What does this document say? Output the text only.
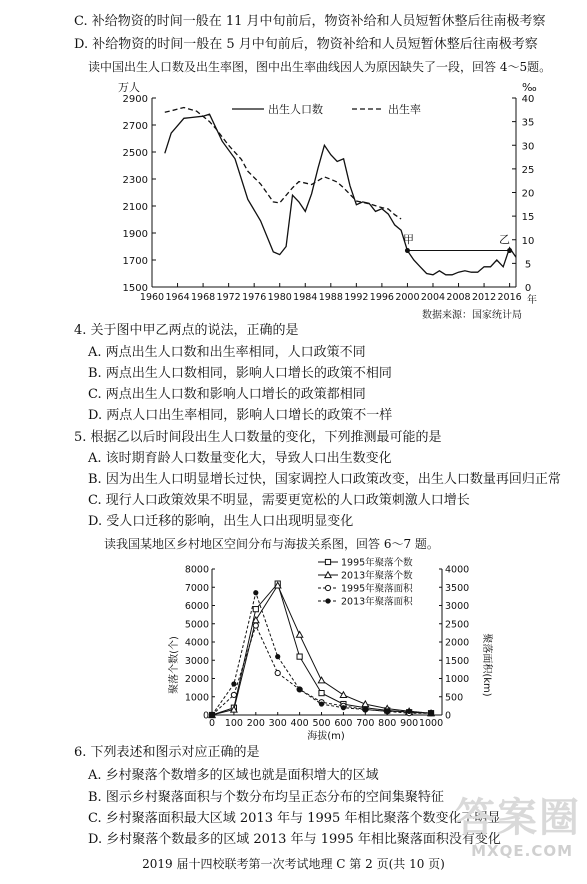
C. 补给物资的时间一般在 11 月中旬前后，物资补给和人员短暂休整后往南极考察
D. 补给物资的时间一般在 5 月中旬前后，物资补给和人员短暂休整后往南极考察
读中国出生人口数及出生率图，图中出生率曲线因人为原因缺失了一段，回答 4～5题。
1500
1700
1900
2100
2300
2500
2700
2900
0
5
10
15
20
25
30
35
40
1960 1964 1968 1972 1976 1980 1984 1988 1992 1996 2000 2004 2008 2012 2016
万人	‰
出生人口数	出生率
甲	乙
年
数据来源：国家统计局
4. 关于图中甲乙两点的说法，正确的是
A. 两点出生人口数和出生率相同，人口政策不同
B. 两点出生人口数相同，影响人口增长的政策不相同
C. 两点出生人口数和影响人口增长的政策都相同
D. 两点人口出生率相同，影响人口增长的政策不一样
5. 根据乙以后时间段出生人口数量的变化，下列推测最可能的是
A. 该时期育龄人口数量变化大，导致人口出生数变化
B. 因为出生人口明显增长过快，国家调控人口政策改变，出生人口数量再回归正常
C. 现行人口政策效果不明显，需要更宽松的人口政策刺激人口增长
D. 受人口迁移的影响，出生人口出现明显变化
读我国某地区乡村地区空间分布与海拔关系图，回答 6～7 题。
0
1000
2000
3000
4000
5000
6000
7000
8000
0
500
1000
1500
2000
2500
3000
3500
4000
0 100 200 300 400 500 600 700 800 900 1000
1995年聚落个数
2013年聚落个数
1995年聚落面积
2013年聚落面积
聚落个数(个)	聚落面积(km)
海拔(m)
6. 下列表述和图示对应正确的是
A. 乡村聚落个数增多的区域也就是面积增大的区域
B. 图示乡村聚落面积与个数分布均呈正态分布的空间集聚特征
C. 乡村聚落面积最大区域 2013 年与 1995 年相比聚落个数变化不明显
D. 乡村聚落个数最多的区域 2013 年与 1995 年相比聚落面积没有变化
答案圈
MXQE.COM
2019 届十四校联考第一次考试地理 C 第 2 页(共 10 页)
